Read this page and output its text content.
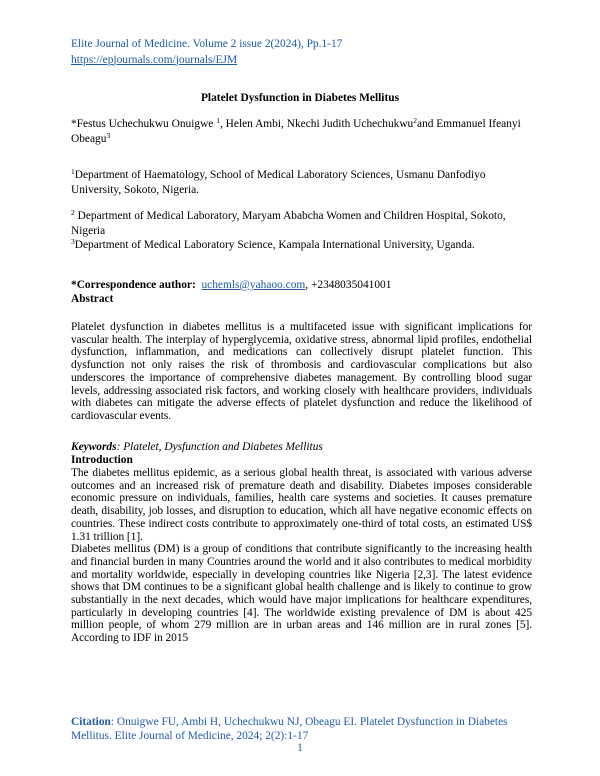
Elite Journal of Medicine. Volume 2 issue 2(2024), Pp.1-17
https://epjournals.com/journals/EJM
Platelet Dysfunction in Diabetes Mellitus
*Festus Uchechukwu Onuigwe $^1$, Helen Ambi, Nkechi Judith Uchechukwu$^2$and Emmanuel Ifeanyi Obeagu$^3$
$^1$Department of Haematology, School of Medical Laboratory Sciences, Usmanu Danfodiyo University, Sokoto, Nigeria.
$^2$ Department of Medical Laboratory, Maryam Ababcha Women and Children Hospital, Sokoto, Nigeria
$^3$Department of Medical Laboratory Science, Kampala International University, Uganda.
*Correspondence author: uchemls@yahaoo.com, +2348035041001
Abstract
Platelet dysfunction in diabetes mellitus is a multifaceted issue with significant implications for vascular health. The interplay of hyperglycemia, oxidative stress, abnormal lipid profiles, endothelial dysfunction, inflammation, and medications can collectively disrupt platelet function. This dysfunction not only raises the risk of thrombosis and cardiovascular complications but also underscores the importance of comprehensive diabetes management. By controlling blood sugar levels, addressing associated risk factors, and working closely with healthcare providers, individuals with diabetes can mitigate the adverse effects of platelet dysfunction and reduce the likelihood of cardiovascular events.
Keywords: Platelet, Dysfunction and Diabetes Mellitus
Introduction

The diabetes mellitus epidemic, as a serious global health threat, is associated with various adverse outcomes and an increased risk of premature death and disability. Diabetes imposes considerable economic pressure on individuals, families, health care systems and societies. It causes premature death, disability, job losses, and disruption to education, which all have negative economic effects on countries. These indirect costs contribute to approximately one-third of total costs, an estimated US$ 1.31 trillion [1].

Diabetes mellitus (DM) is a group of conditions that contribute significantly to the increasing health and financial burden in many Countries around the world and it also contributes to medical morbidity and mortality worldwide, especially in developing countries like Nigeria [2,3]. The latest evidence shows that DM continues to be a significant global health challenge and is likely to continue to grow substantially in the next decades, which would have major implications for healthcare expenditures, particularly in developing countries [4]. The worldwide existing prevalence of DM is about 425 million people, of whom 279 million are in urban areas and 146 million are in rural zones [5]. According to IDF in 2015

Citation: Onuigwe FU, Ambi H, Uchechukwu NJ, Obeagu EI. Platelet Dysfunction in Diabetes Mellitus. Elite Journal of Medicine, 2024; 2(2):1-17
1
